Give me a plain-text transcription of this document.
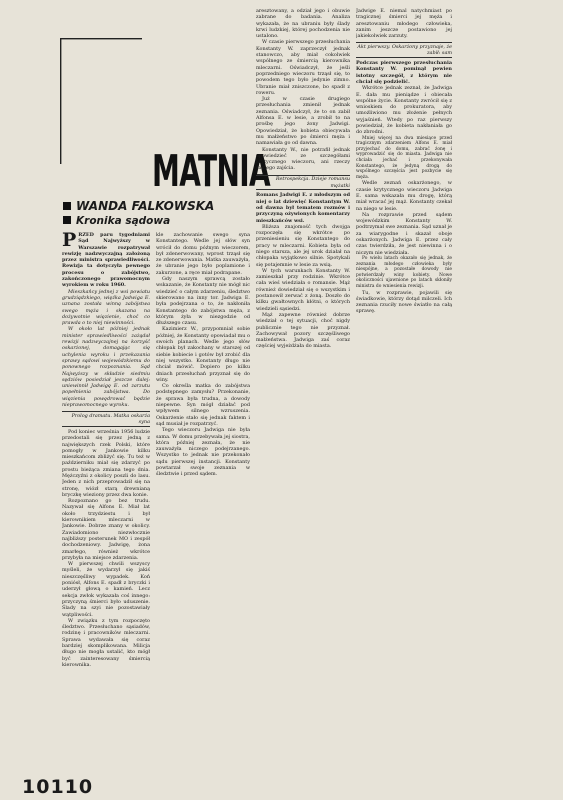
MATNIA
WANDA FALKOWSKA
Kronika sądowa

PRZED paru tygodniami Sąd Najwyższy w Warszawie rozpatrywał rewizję nadzwyczajną założoną przez ministra sprawiedliwości. Rewizja ta dotyczyła pewnego procesu o zabójstwo, zakończonego prawomocnym wyrokiem w roku 1960.

Mieszkańcy jednej z wsi powiatu grudziądzkiego, więźka Jadwiga E. uznana została winną zabójstwa swego męża i skazana na dożywotnie więzienie, choć co prawda o to niej niewinności.

W około lat później jednak minister sprawiedliwości zażądał rewizji nadzwyczajnej na korzyść oskarżonej, domagając się uchylenia wyroku i przekazania sprawy sądowi wojewódzkiemu do ponownego rozpoznania. Sąd Najwyższy w składzie siedmiu sędziów posiedział jeszcze dalej: uniewinnił Jadwigę E. od zarzutu popełnienia zabójstwa. Do więzienia powędrować będzie nieprawomocnego wyroku.

Prolog dramatu. Matka oskarża syna

Pod koniec września 1956 ludzie przedostali się przez jedną z największych rzek Polski, które pomogły w Jankowie kilku mieszkańcom zbliżyć się. Tu też w październiku miał się zdarzyć po prostu bieżąca zmiana tego dnia. Mężczyźni z okolicy poszli do lasu. Jeden z nich przeprowadził się na stronę, wiózł starą drewnianą bryczkę wieziony przez dwa konie.

Rozpoznano go bez trudu. Nazywał się Alfons E. Miał lat około trzydziestu i był kierownikiem mleczarni w Jankowie. Dobrze znany w okolicy. Zawiadomiono niezwłocznie najbliższy posterunek MO i zespół dochodzeniowy. Jadwigę, żona zmarłego, również wkrótce przybyła na miejsce zdarzenia.

W pierwszej chwili wszyscy myśleli, że wydarzył się jakiś nieszczęśliwy wypadek. Koń poniósł, Alfons E. spadł z bryczki i uderzył głową o kamień. Lecz sekcja zwłok wykazała coś innego: przyczyną śmierci było uduszenie. Ślady na szyi nie pozostawiały wątpliwości.

W związku z tym rozpoczęto śledztwo. Przesłuchano sąsiadów, rodzinę i pracowników mleczarni. Sprawa wydawała się coraz bardziej skomplikowana. Milicja długo nie mogła ustalić, kto mógł być zainteresowany śmiercią kierownika.

kle zachowanie swego syna Konstantego. Wedle jej słów syn wrócił do domu późnym wieczorem, był zdenerwowany, wprost trząsł się ze zdenerwowania. Matka zauważyła, że ubranie jego było poplamione i zakurzone, a ręce miał podrapane.

Gdy naszym sprawcą zostało wskazanie, że Konstanty nie mógł nic wiedzieć o całym zdarzeniu, śledztwo skierowano na inny tor. Jadwiga E. była podejrzana o to, że nakłoniła Konstantego do zabójstwa męża, z którym żyła w niezgodzie od dłuższego czasu.

Kazimierz W., przypomniał sobie później, że Konstanty opowiadał mu o swoich planach. Wedle jego słów chłopak był zakochany w starszej od siebie kobiecie i gotów był zrobić dla niej wszystko. Konstanty długo nie chciał mówić. Dopiero po kilku dniach przesłuchań przyznał się do winy.

Co określa matka do zabójstwa podstępnego zamysłu? Przekonanie, że sprawa była trudna, a dowody niepewne. Syn mógł działać pod wpływem silnego wzruszenia. Oskarżenie stało się jednak faktem i sąd musiał je rozpatrzyć.

Tego wieczoru Jadwiga nie była sama. W domu przebywała jej siostra, która później zeznała, że nie zauważyła niczego podejrzanego. Wszystko to jednak nie przekonało sądu pierwszej instancji. Konstanty powtarzał swoje zeznania w śledztwie i przed sądem.

aresztowany, a odział jego i obuwie zabrane do badania. Analiza wykazała, że na ubraniu były ślady krwi ludzkiej, której pochodzenia nie ustalono.

W czasie pierwszego przesłuchania Konstanty W. zaprzeczył jednak stanowczo, aby miał cokolwiek wspólnego ze śmiercią kierownika mleczarni. Oświadczył, że jeśli poprzedniego wieczoru trząsł się, to powodem tego było jedynie zimno. Ubranie miał zniszczone, bo spadł z roweru.

Już w czasie drugiego przesłuchania zmienił jednak zeznania. Oświadczył, że to on zabił Alfonsa E. w lesie, a zrobił to na prośbę jego żony Jadwigi. Opowiedział, że kobieta obiecywała mu małżeństwo po śmierci męża i namawiała go od dawna.

Konstanty W., nie potrafił jednak opowiedzieć ze szczegółami krytycznego wieczoru, ani rzeczy samego zajścia.

Retrospekcja. Dzieje romansu mężatki

Romans Jadwigi E. z młodszym od niej o lat dziewięć Konstantym W. od dawna był tematem rozmów i przyczyną ożywionych komentarzy mieszkańców wsi.

Bliższa znajomość tych dwojga rozpoczęła się wkrótce po przeniesieniu się Konstantego do pracy w mleczarni. Kobieta była od niego starsza, ale jej urok działał na chłopaka wyjątkowo silnie. Spotykali się potajemnie w lesie za wsią.

W tych warunkach Konstanty W. zamieszkał przy rodzinie. Wkrótce cała wieś wiedziała o romansie. Mąż również dowiedział się o wszystkim i postanowił zerwać z żoną. Doszło do kilku gwałtownych kłótni, o których wiedzieli sąsiedzi.

Mąż zapewne również dobrze wiedział o tej sytuacji, choć nigdy publicznie tego nie przyznał. Zachowywał pozory szczęśliwego małżeństwa. Jadwiga zaś coraz częściej wyjeżdżała do miasta.

Jadwige E. niemal natychmiast po tragicznej śmierci jej męża i aresztowaniu młodego człowieka, zanim jeszcze postawiono jej jakiekolwiek zarzuty.

Akt pierwszy. Oskarżony przyznaje, że zabił: sam

Podczas pierwszego przesłuchania Konstanty W. pominął pewien istotny szczegół, z którym nie chciał się podzielić.

Wkrótce jednak zeznał, że Jadwiga E. dała mu pieniądze i obiecała wspólne życie. Konstanty zwrócił się z wnioskiem do prokuratora, aby umożliwiono mu złożenie pełnych wyjaśnień. Wtedy po raz pierwszy powiedział, że kobieta nakłaniała go do zbrodni.

Mniej więcej na dwa miesiące przed tragicznym zdarzeniem Alfons E. miał przyjechać do domu, zabrać żonę i wyprowadzić się do miasta. Jadwiga nie chciała jechać i przekonywała Konstantego, że jedyną drogą do wspólnego szczęścia jest pozbycie się męża.

Wedle zeznań oskarżonego, w czasie krytycznego wieczoru Jadwiga E. sama wskazała mu drogę, którą miał wracać jej mąż. Konstanty czekał na niego w lesie.

Na rozprawie przed sądem wojewódzkim Konstanty W. podtrzymał swe zeznania. Sąd uznał je za wiarygodne i skazał oboje oskarżonych. Jadwiga E. przez cały czas twierdziła, że jest niewinna i o niczym nie wiedziała.

Po wielu latach okazało się jednak, że zeznania młodego człowieka były niespójne, a pozostałe dowody nie potwierdzały winy kobiety. Nowe okoliczności ujawnione po latach skłoniły ministra do wniesienia rewizji.

Tu, w rozprawie, pojawili się świadkowie, którzy dotąd milczeli. Ich zeznania rzuciły nowe światło na całą sprawę.

10110
